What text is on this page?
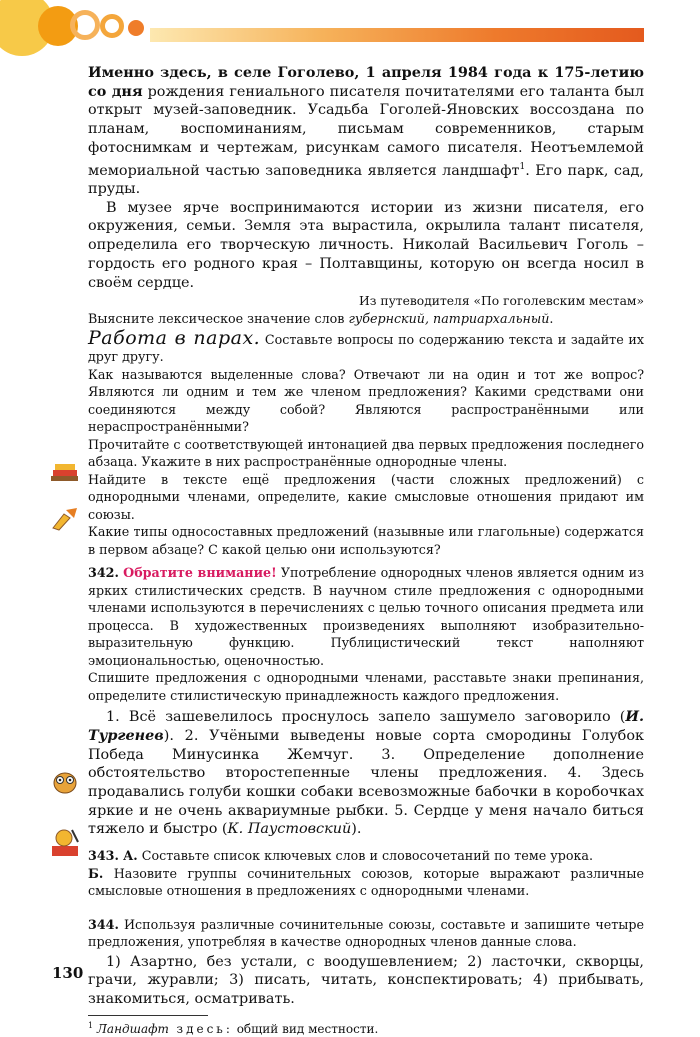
Именно здесь, в селе Гоголево, 1 апреля 1984 года к 175-летию со дня рождения гениального писателя почитателями его таланта был открыт музей-заповедник. Усадьба Гоголей-Яновских воссоздана по планам, воспоминаниям, письмам современников, старым фотоснимкам и чертежам, рисункам самого писателя. Неотъемлемой мемориальной частью заповедника является ландшафт$^1$. Его парк, сад, пруды.

В музее ярче воспринимаются истории из жизни писателя, его окружения, семьи. Земля эта вырастила, окрылила талант писателя, определила его творческую личность. Николай Васильевич Гоголь – гордость его родного края – Полтавщины, которую он всегда носил в своём сердце.

Из путеводителя «По гоголевским местам»

Выясните лексическое значение слов губернский, патриархальный.

Работа в парах. Составьте вопросы по содержанию текста и задайте их друг другу.

Как называются выделенные слова? Отвечают ли на один и тот же вопрос? Являются ли одним и тем же членом предложения? Какими средствами они соединяются между собой? Являются распространёнными или нераспространёнными?

Прочитайте с соответствующей интонацией два первых предложения последнего абзаца. Укажите в них распространённые однородные члены.

Найдите в тексте ещё предложения (части сложных предложений) с однородными членами, определите, какие смысловые отношения придают им союзы.

Какие типы односоставных предложений (назывные или глагольные) содержатся в первом абзаце? С какой целью они используются?

342. Обратите внимание! Употребление однородных членов является одним из ярких стилистических средств. В научном стиле предложения с однородными членами используются в перечислениях с целью точного описания предмета или процесса. В художественных произведениях выполняют изобразительно-выразительную функцию. Публицистический текст наполняют эмоциональностью, оценочностью.

Спишите предложения с однородными членами, расставьте знаки препинания, определите стилистическую принадлежность каждого предложения.

1. Всё зашевелилось проснулось запело зашумело заговорило (И. Тургенев). 2. Учёными выведены новые сорта смородины Голубок Победа Минусинка Жемчуг. 3. Определение дополнение обстоятельство второстепенные члены предложения. 4. Здесь продавались голуби кошки собаки всевозможные бабочки в коробочках яркие и не очень аквариумные рыбки. 5. Сердце у меня начало биться тяжело и быстро (К. Паустовский).

343. А. Составьте список ключевых слов и словосочетаний по теме урока.

Б. Назовите группы сочинительных союзов, которые выражают различные смысловые отношения в предложениях с однородными членами.

344. Используя различные сочинительные союзы, составьте и запишите четыре предложения, употребляя в качестве однородных членов данные слова.

1) Азартно, без устали, с воодушевлением; 2) ласточки, скворцы, грачи, журавли; 3) писать, читать, конспектировать; 4) прибывать, знакомиться, осматривать.

$^1$ Ландшафт здесь: общий вид местности.

130
